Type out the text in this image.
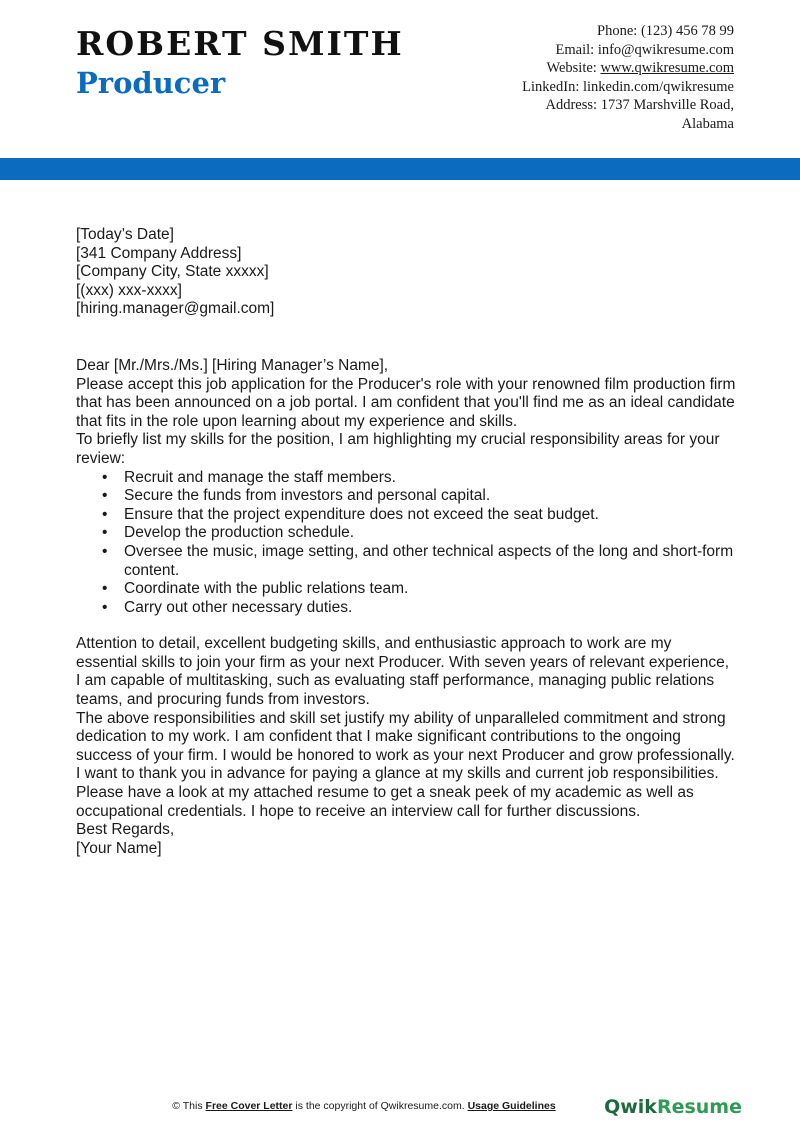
ROBERT SMITH
Producer
Phone: (123) 456 78 99
Email: info@qwikresume.com
Website: www.qwikresume.com
LinkedIn: linkedin.com/qwikresume
Address: 1737 Marshville Road,
Alabama

[Today’s Date]

[341 Company Address]

[Company City, State xxxxx]

[(xxx) xxx-xxxx]

[hiring.manager@gmail.com]

Dear [Mr./Mrs./Ms.] [Hiring Manager’s Name],

Please accept this job application for the Producer's role with your renowned film production firm that has been announced on a job portal. I am confident that you'll find me as an ideal candidate that fits in the role upon learning about my experience and skills.

To briefly list my skills for the position, I am highlighting my crucial responsibility areas for your review:

• Recruit and manage the staff members.
• Secure the funds from investors and personal capital.
• Ensure that the project expenditure does not exceed the seat budget.
• Develop the production schedule.
• Oversee the music, image setting, and other technical aspects of the long and short-form content.
• Coordinate with the public relations team.
• Carry out other necessary duties.

Attention to detail, excellent budgeting skills, and enthusiastic approach to work are my essential skills to join your firm as your next Producer. With seven years of relevant experience, I am capable of multitasking, such as evaluating staff performance, managing public relations teams, and procuring funds from investors.

The above responsibilities and skill set justify my ability of unparalleled commitment and strong dedication to my work. I am confident that I make significant contributions to the ongoing success of your firm. I would be honored to work as your next Producer and grow professionally.

I want to thank you in advance for paying a glance at my skills and current job responsibilities. Please have a look at my attached resume to get a sneak peek of my academic as well as occupational credentials. I hope to receive an interview call for further discussions.

Best Regards,

[Your Name]

© This Free Cover Letter is the copyright of Qwikresume.com. Usage Guidelines	QwikResume
